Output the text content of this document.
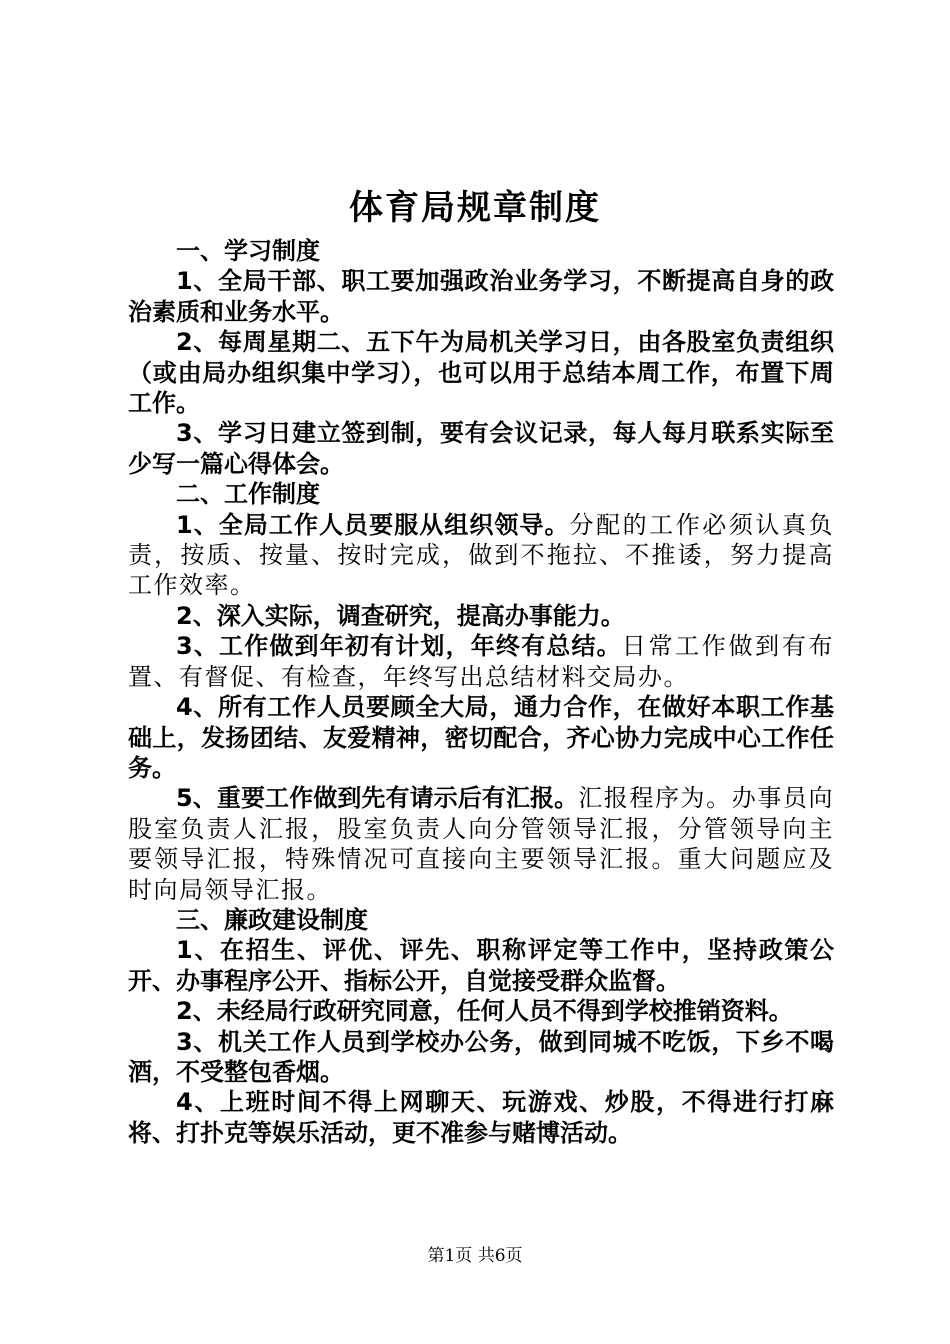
体育局规章制度

一、学习制度

1、全局干部、职工要加强政治业务学习，不断提高自身的政治素质和业务水平。

2、每周星期二、五下午为局机关学习日，由各股室负责组织（或由局办组织集中学习），也可以用于总结本周工作，布置下周工作。

3、学习日建立签到制，要有会议记录，每人每月联系实际至少写一篇心得体会。

二、工作制度

1、全局工作人员要服从组织领导。分配的工作必须认真负责，按质、按量、按时完成，做到不拖拉、不推诿，努力提高工作效率。

2、深入实际，调查研究，提高办事能力。

3、工作做到年初有计划，年终有总结。日常工作做到有布置、有督促、有检查，年终写出总结材料交局办。

4、所有工作人员要顾全大局，通力合作，在做好本职工作基础上，发扬团结、友爱精神，密切配合，齐心协力完成中心工作任务。

5、重要工作做到先有请示后有汇报。汇报程序为。办事员向股室负责人汇报，股室负责人向分管领导汇报，分管领导向主要领导汇报，特殊情况可直接向主要领导汇报。重大问题应及时向局领导汇报。

三、廉政建设制度

1、在招生、评优、评先、职称评定等工作中，坚持政策公开、办事程序公开、指标公开，自觉接受群众监督。

2、未经局行政研究同意，任何人员不得到学校推销资料。

3、机关工作人员到学校办公务，做到同城不吃饭，下乡不喝酒，不受整包香烟。

4、上班时间不得上网聊天、玩游戏、炒股，不得进行打麻将、打扑克等娱乐活动，更不准参与赌博活动。

第1页 共6页
